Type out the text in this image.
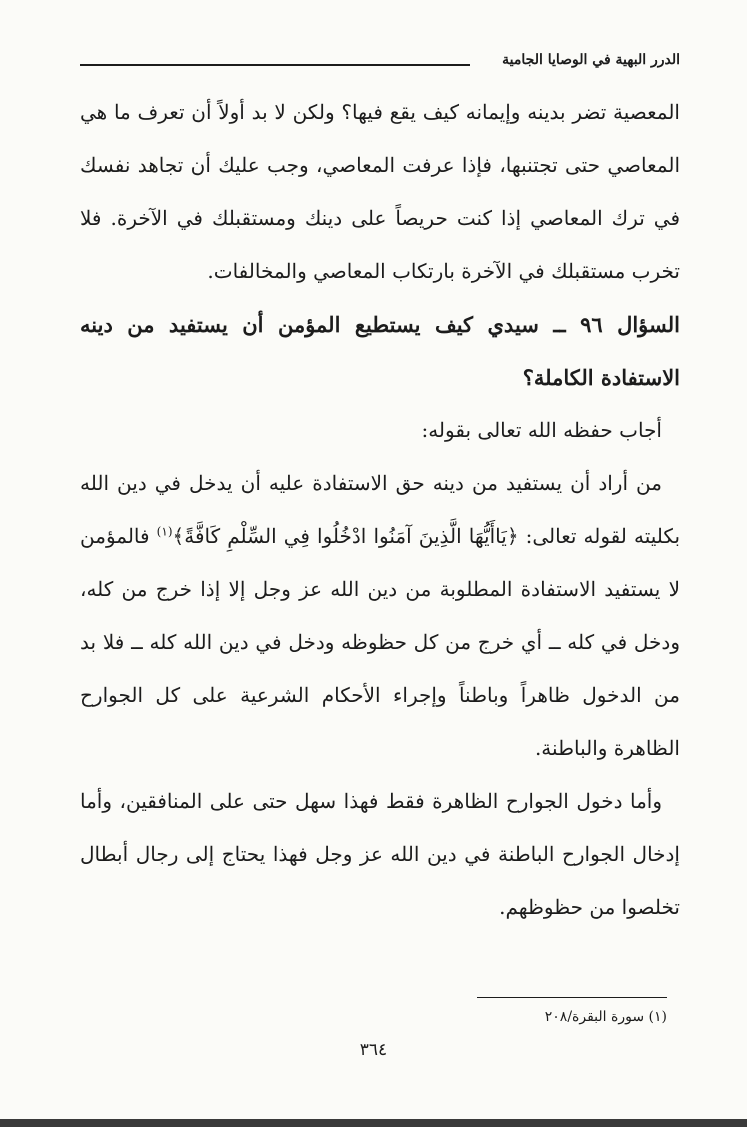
الدرر البهية في الوصايا الجامية

المعصية تضر بدينه وإيمانه كيف يقع فيها؟ ولكن لا بد أولاً أن تعرف ما هي المعاصي حتى تجتنبها، فإذا عرفت المعاصي، وجب عليك أن تجاهد نفسك في ترك المعاصي إذا كنت حريصاً على دينك ومستقبلك في الآخرة. فلا تخرب مستقبلك في الآخرة بارتكاب المعاصي والمخالفات.

السؤال ٩٦ ــ سيدي كيف يستطيع المؤمن أن يستفيد من دينه الاستفادة الكاملة؟

أجاب حفظه الله تعالى بقوله:

من أراد أن يستفيد من دينه حق الاستفادة عليه أن يدخل في دين الله بكليته لقوله تعالى: ﴿يَاأَيُّهَا الَّذِينَ آمَنُوا ادْخُلُوا فِي السِّلْمِ كَافَّةً﴾$^{(١)}$ فالمؤمن لا يستفيد الاستفادة المطلوبة من دين الله عز وجل إلا إذا خرج من كله، ودخل في كله ــ أي خرج من كل حظوظه ودخل في دين الله كله ــ فلا بد من الدخول ظاهراً وباطناً وإجراء الأحكام الشرعية على كل الجوارح الظاهرة والباطنة.

وأما دخول الجوارح الظاهرة فقط فهذا سهل حتى على المنافقين، وأما إدخال الجوارح الباطنة في دين الله عز وجل فهذا يحتاج إلى رجال أبطال تخلصوا من حظوظهم.

(١) سورة البقرة/٢٠٨
٣٦٤
